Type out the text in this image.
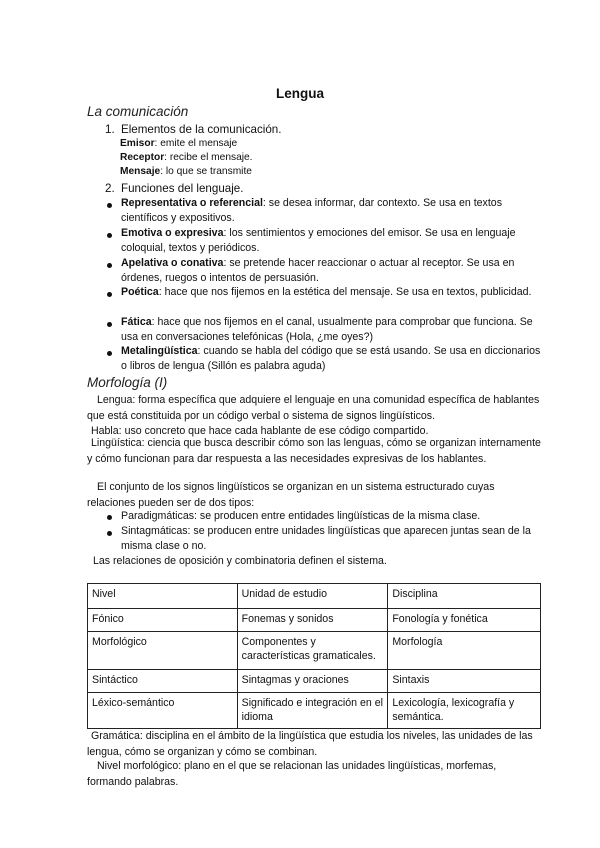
Lengua
La comunicación
1. Elementos de la comunicación.
Emisor: emite el mensaje
Receptor: recibe el mensaje.
Mensaje: lo que se transmite
2. Funciones del lenguaje.
Representativa o referencial: se desea informar, dar contexto. Se usa en textos científicos y expositivos.
Emotiva o expresiva: los sentimientos y emociones del emisor. Se usa en lenguaje coloquial, textos y periódicos.
Apelativa o conativa: se pretende hacer reaccionar o actuar al receptor. Se usa en órdenes, ruegos o intentos de persuasión.
Poética: hace que nos fijemos en la estética del mensaje. Se usa en textos, publicidad.
Fática: hace que nos fijemos en el canal, usualmente para comprobar que funciona. Se usa en conversaciones telefónicas (Hola, ¿me oyes?)
Metalingüística: cuando se habla del código que se está usando. Se usa en diccionarios o libros de lengua (Sillón es palabra aguda)
Morfología (I)
Lengua: forma específica que adquiere el lenguaje en una comunidad específica de hablantes que está constituida por un código verbal o sistema de signos lingüísticos.
Habla: uso concreto que hace cada hablante de ese código compartido.
Lingüística: ciencia que busca describir cómo son las lenguas, cómo se organizan internamente y cómo funcionan para dar respuesta a las necesidades expresivas de los hablantes.
El conjunto de los signos lingüísticos se organizan en un sistema estructurado cuyas relaciones pueden ser de dos tipos:
Paradigmáticas: se producen entre entidades lingüísticas de la misma clase.
Sintagmáticas: se producen entre unidades lingüísticas que aparecen juntas sean de la misma clase o no.
Las relaciones de oposición y combinatoria definen el sistema.
Nivel	Unidad de estudio	Disciplina
Fónico	Fonemas y sonidos	Fonología y fonética
Morfológico	Componentes y características gramaticales.	Morfología
Sintáctico	Sintagmas y oraciones	Sintaxis
Léxico-semántico	Significado e integración en el idioma	Lexicología, lexicografía y semántica.
Gramática: disciplina en el ámbito de la lingüística que estudia los niveles, las unidades de las lengua, cómo se organizan y cómo se combinan.
Nivel morfológico: plano en el que se relacionan las unidades lingüísticas, morfemas, formando palabras.
